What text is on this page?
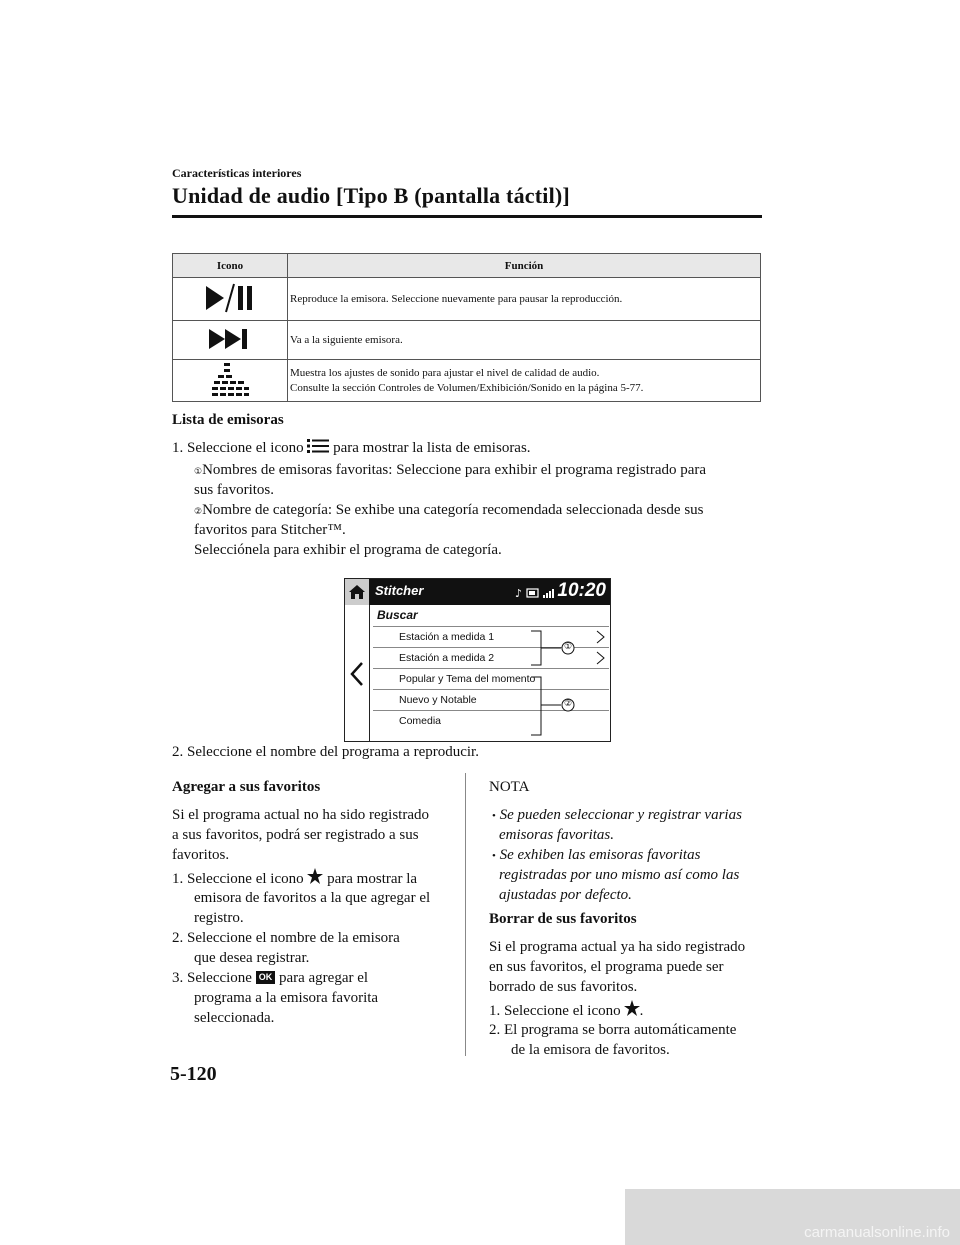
Características interiores
Unidad de audio [Tipo B (pantalla táctil)]
Icono	Función
	Reproduce la emisora. Seleccione nuevamente para pausar la reproducción.
	Va a la siguiente emisora.

Muestra los ajustes de sonido para ajustar el nivel de calidad de audio.
Consulte la sección Controles de Volumen/Exhibición/Sonido en la página 5-77.
Lista de emisoras
1. Seleccione el icono para mostrar la lista de emisoras.
①Nombres de emisoras favoritas: Seleccione para exhibir el programa registrado para
sus favoritos.
②Nombre de categoría: Se exhibe una categoría recomendada seleccionada desde sus
favoritos para Stitcher™.
Selecciónela para exhibir el programa de categoría.
Stitcher	♪ 10:20
Buscar
Estación a medida 1
Estación a medida 2
Popular y Tema del momento
Nuevo y Notable
Comedia
①
②
2. Seleccione el nombre del programa a reproducir.
Agregar a sus favoritos
Si el programa actual no ha sido registrado
a sus favoritos, podrá ser registrado a sus
favoritos.
1. Seleccione el icono para mostrar la
emisora de favoritos a la que agregar el
registro.
2. Seleccione el nombre de la emisora
que desea registrar.
3. Seleccione OK para agregar el
programa a la emisora favorita
seleccionada.
NOTA
• Se pueden seleccionar y registrar varias
emisoras favoritas.
• Se exhiben las emisoras favoritas
registradas por uno mismo así como las
ajustadas por defecto.
Borrar de sus favoritos
Si el programa actual ya ha sido registrado
en sus favoritos, el programa puede ser
borrado de sus favoritos.
1. Seleccione el icono .
2. El programa se borra automáticamente
de la emisora de favoritos.
5-120
carmanualsonline.info
